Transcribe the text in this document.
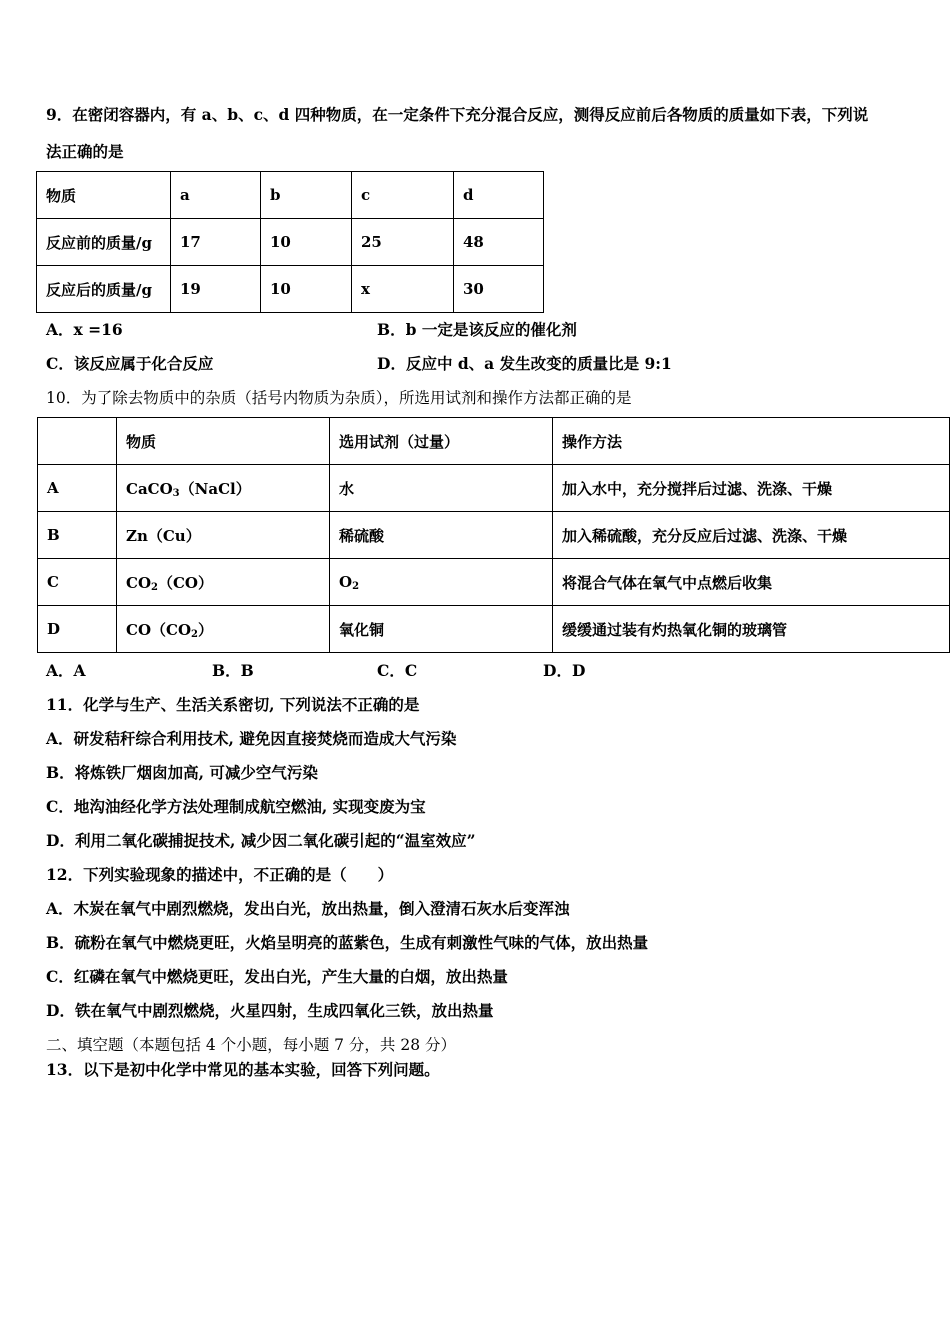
9．在密闭容器内，有 a、b、c、d 四种物质，在一定条件下充分混合反应，测得反应前后各物质的质量如下表，下列说
法正确的是
物质	a	b	c	d
反应前的质量/g	17	10	25	48
反应后的质量/g	19	10	x	30
A．x =16	B．b 一定是该反应的催化剂
C．该反应属于化合反应	D．反应中 d、a 发生改变的质量比是 9:1
10．为了除去物质中的杂质（括号内物质为杂质），所选用试剂和操作方法都正确的是
	物质	选用试剂（过量）	操作方法
A	CaCO$_3$（NaCl）	水	加入水中，充分搅拌后过滤、洗涤、干燥
B	Zn（Cu）	稀硫酸	加入稀硫酸，充分反应后过滤、洗涤、干燥
C	$CO_2(CO)$	$O_2$	将混合气体在氧气中点燃后收集
D	$CO(CO_2)$	氧化铜	缓缓通过装有灼热氧化铜的玻璃管
A．A	B．B	C．C	D．D
11．化学与生产、生活关系密切, 下列说法不正确的是
A．研发秸秆综合利用技术, 避免因直接焚烧而造成大气污染
B．将炼铁厂烟囱加高, 可减少空气污染
C．地沟油经化学方法处理制成航空燃油, 实现变废为宝
D．利用二氧化碳捕捉技术, 减少因二氧化碳引起的“温室效应”
12．下列实验现象的描述中，不正确的是（　　）
A．木炭在氧气中剧烈燃烧，发出白光，放出热量，倒入澄清石灰水后变浑浊
B．硫粉在氧气中燃烧更旺，火焰呈明亮的蓝紫色，生成有刺激性气味的气体，放出热量
C．红磷在氧气中燃烧更旺，发出白光，产生大量的白烟，放出热量
D．铁在氧气中剧烈燃烧，火星四射，生成四氧化三铁，放出热量
二、填空题（本题包括 4 个小题，每小题 7 分，共 28 分）
13．以下是初中化学中常见的基本实验，回答下列问题。
